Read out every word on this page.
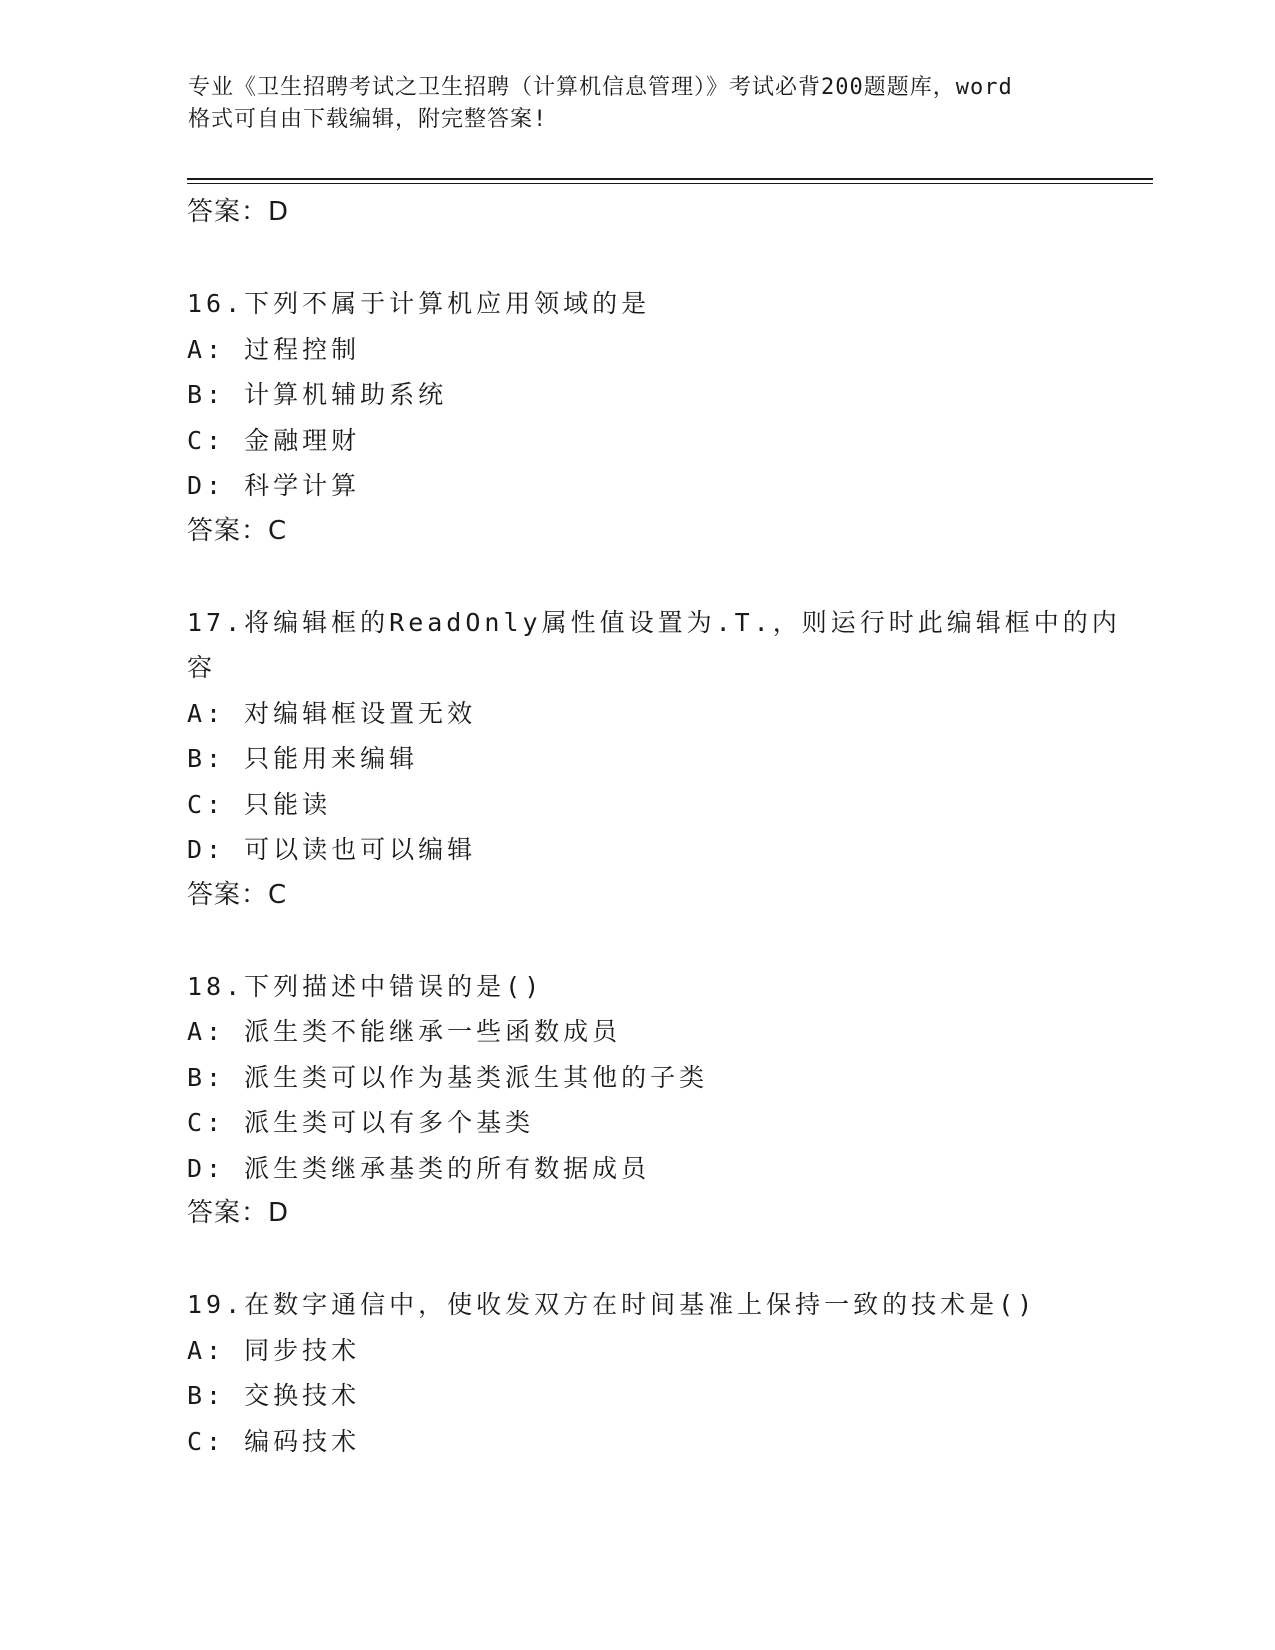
专业《卫生招聘考试之卫生招聘（计算机信息管理）》考试必背200题题库，word
格式可自由下载编辑，附完整答案!
答案：D
16.下列不属于计算机应用领域的是
A: 过程控制
B: 计算机辅助系统
C: 金融理财
D: 科学计算
答案：C
17.将编辑框的ReadOnly属性值设置为.T.，则运行时此编辑框中的内
容
A: 对编辑框设置无效
B: 只能用来编辑
C: 只能读
D: 可以读也可以编辑
答案：C
18.下列描述中错误的是()
A: 派生类不能继承一些函数成员
B: 派生类可以作为基类派生其他的子类
C: 派生类可以有多个基类
D: 派生类继承基类的所有数据成员
答案：D
19.在数字通信中，使收发双方在时间基准上保持一致的技术是()
A: 同步技术
B: 交换技术
C: 编码技术
